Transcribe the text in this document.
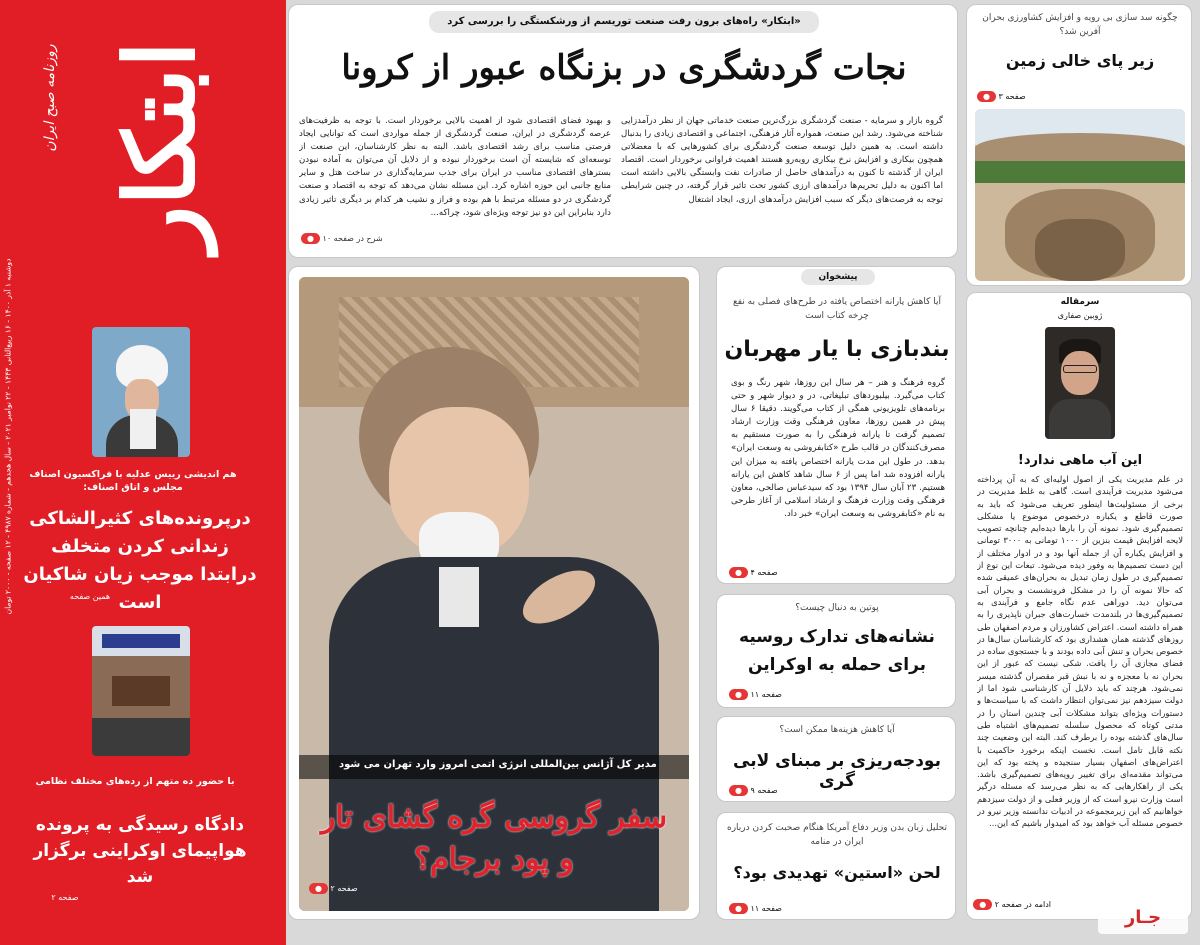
ابتکار
روزنامه صبح ایران
دوشنبه ۱ آذر ۱۴۰۰ - ۱۶ ربیع‌الثانی ۱۴۴۳ - ۲۲ نوامبر ۲۰۲۱ - سال هجدهم - شماره ۴۹۸۷ - ۱۲ صفحه - ۲۰۰۰ تومان
هم اندیشی رییس عدلیه با فراکسیون اصناف مجلس و اتاق اصناف:
درپرونده‌های کثیرالشاکی زندانی کردن متخلف درابتدا موجب زیان شاکیان است
همین صفحه
با حضور ده متهم از رده‌های مختلف نظامی
دادگاه رسیدگی به پرونده هواپیمای اوکراینی برگزار شد
صفحه ۲
«ابتکار» راه‌های برون رفت صنعت توریسم از ورشکستگی را بررسی کرد
نجات گردشگری در بزنگاه عبور از کرونا
گروه بازار و سرمایه - صنعت گردشگری بزرگ‌ترین صنعت خدماتی جهان از نظر درآمدزایی شناخته می‌شود. رشد این صنعت، همواره آثار فرهنگی، اجتماعی و اقتصادی زیادی را بدنبال داشته است. به همین دلیل توسعه صنعت گردشگری برای کشورهایی که با معضلاتی همچون بیکاری و افزایش نرخ بیکاری روبه‌رو هستند اهمیت فراوانی برخوردار است. اقتصاد ایران از گذشته تا کنون به درآمدهای حاصل از صادرات نفت وابستگی بالایی داشته است اما اکنون به دلیل تحریم‌ها درآمدهای ارزی کشور تحت تاثیر قرار گرفته، در چنین شرایطی توجه به فرصت‌های دیگر که سبب افزایش درآمدهای ارزی، ایجاد اشتغال
و بهبود فضای اقتصادی شود از اهمیت بالایی برخوردار است. با توجه به ظرفیت‌های عرصه گردشگری در ایران، صنعت گردشگری از جمله مواردی است که توانایی ایجاد فرصتی مناسب برای رشد اقتصادی باشد. البته به نظر کارشناسان، این صنعت از توسعه‌ای که شایسته آن است برخوردار نبوده و از دلایل آن می‌توان به آماده نبودن بسترهای اقتصادی مناسب در ایران برای جذب سرمایه‌گذاری در ساخت هتل و سایر منابع جانبی این حوزه اشاره کرد. این مسئله نشان می‌دهد که توجه به اقتصاد و صنعت گردشگری در دو مسئله مرتبط با هم بوده و فراز و نشیب هر کدام بر دیگری تاثیر زیادی دارد بنابراین این دو نیز توجه ویژه‌ای شود، چراکه...
شرح در صفحه ۱۰ ●
مدیر کل آژانس بین‌المللی انرژی اتمی امروز وارد تهران می شود
سفر گروسی گره گشای تار و پود برجام؟
صفحه ۲ ●
پیشخوان
آیا کاهش یارانه اختصاص یافته در طرح‌های فصلی به نفع چرخه کتاب است
بندبازی با یار مهربان
گروه فرهنگ و هنر – هر سال این روزها، شهر رنگ و بوی کتاب می‌گیرد. بیلبوردهای تبلیغاتی، در و دیوار شهر و حتی برنامه‌های تلویزیونی همگی از کتاب می‌گویند. دقیقا ۶ سال پیش در همین روزها، معاون فرهنگی وقت وزارت ارشاد تصمیم گرفت تا یارانه فرهنگی را به صورت مستقیم به مصرف‌کنندگان در قالب طرح «کتابفروشی به وسعت ایران» بدهد. در طول این مدت یارانه اختصاص یافته به میزان این یارانه افزوده شد اما پس از ۶ سال شاهد کاهش این یارانه هستیم. ۲۳ آبان سال ۱۳۹۴ بود که سیدعباس صالحی، معاون فرهنگی وقت وزارت فرهنگ و ارشاد اسلامی از آغاز طرحی به نام «کتابفروشی به وسعت ایران» خبر داد.
صفحه ۴ ●
پوتین به دنبال چیست؟
نشانه‌های تدارک روسیه برای حمله به اوکراین
صفحه ۱۱ ●
آیا کاهش هزینه‌ها ممکن است؟
بودجه‌ریزی بر مبنای لابی گری
صفحه ۹ ●
تحلیل زبان بدن وزیر دفاع آمریکا هنگام صحبت کردن درباره ایران در منامه
لحن «استین» تهدیدی بود؟
صفحه ۱۱ ●
چگونه سد سازی بی رویه و افزایش کشاورزی بحران آفرین شد؟
زیر پای خالی زمین
صفحه ۳ ●
سرمقاله
ژوبین صفاری
این آب ماهی ندارد!
در علم مدیریت یکی از اصول اولیه‌ای که به آن پرداخته می‌شود مدیریت فرآیندی است. گاهی به غلط مدیریت در برخی از مسئولیت‌ها اینطور تعریف می‌شود که باید به صورت قاطع و یکباره درخصوص موضوع یا مشکلی تصمیم‌گیری شود. نمونه آن را بارها دیده‌ایم چنانچه تصویب لایحه افزایش قیمت بنزین از ۱۰۰۰ تومانی به ۳۰۰۰ تومانی و افزایش یکباره آن از جمله آنها بود و در ادوار مختلف از این دست تصمیم‌ها به وفور دیده می‌شود. تبعات این نوع از تصمیم‌گیری در طول زمان تبدیل به بحران‌های عمیقی شده که حالا نمونه آن را در مشکل فرونشست و بحران آبی می‌توان دید. دوراهی عدم نگاه جامع و فرآیندی به تصمیم‌گیری‌ها در بلندمدت خسارت‌های جبران ناپذیری را به همراه داشته است. اعتراض کشاورزان و مردم اصفهان طی روزهای گذشته همان هشداری بود که کارشناسان سال‌ها در خصوص بحران و تنش آبی داده بودند و با جستجوی ساده در فضای مجازی آن را یافت. شکی نیست که عبور از این بحران نه با معجزه و نه با نبش قبر مقصران گذشته میسر نمی‌شود. هرچند که باید دلایل آن کارشناسی شود اما از دولت سیزدهم نیز نمی‌توان انتظار داشت که با سیاست‌ها و دستورات ویژه‌ای بتواند مشکلات آبی چندین استان را در مدتی کوتاه که محصول سلسله تصمیم‌های اشتباه طی سال‌های گذشته بوده را برطرف کند. البته این وضعیت چند نکته قابل تامل است. نخست اینکه برخورد حاکمیت با اعتراض‌های اصفهان بسیار سنجیده و پخته بود که این می‌تواند مقدمه‌ای برای تغییر رویه‌های تصمیم‌گیری باشد. یکی از راهکارهایی که به نظر می‌رسد که مسئله درگیر است وزارت نیرو است که از وزیر فعلی و از دولت سیزدهم خواهانیم که این زیرمجموعه در ادبیات ندانسته وزیر نیرو در خصوص مسئله آب خواهد بود که امیدوار باشیم که این...
ادامه در صفحه ۲ ●
جـار
